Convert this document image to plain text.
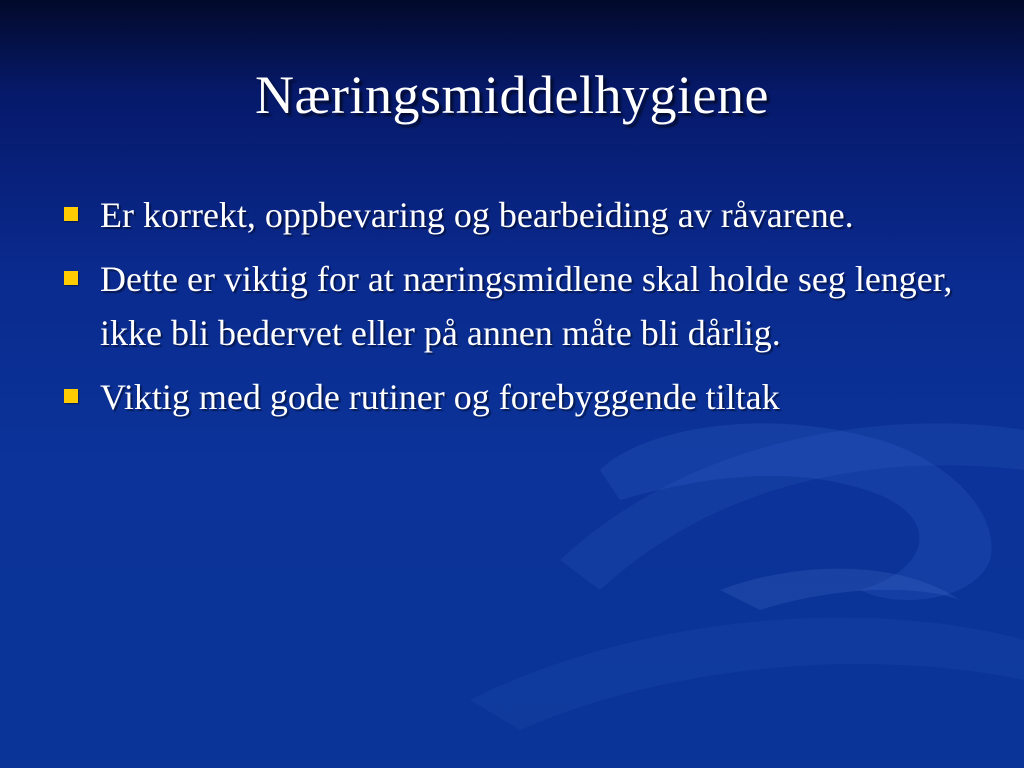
Næringsmiddelhygiene
Er korrekt, oppbevaring og bearbeiding av råvarene.
Dette er viktig for at næringsmidlene skal holde seg lenger, ikke bli bedervet eller på annen måte bli dårlig.
Viktig med gode rutiner og forebyggende tiltak
